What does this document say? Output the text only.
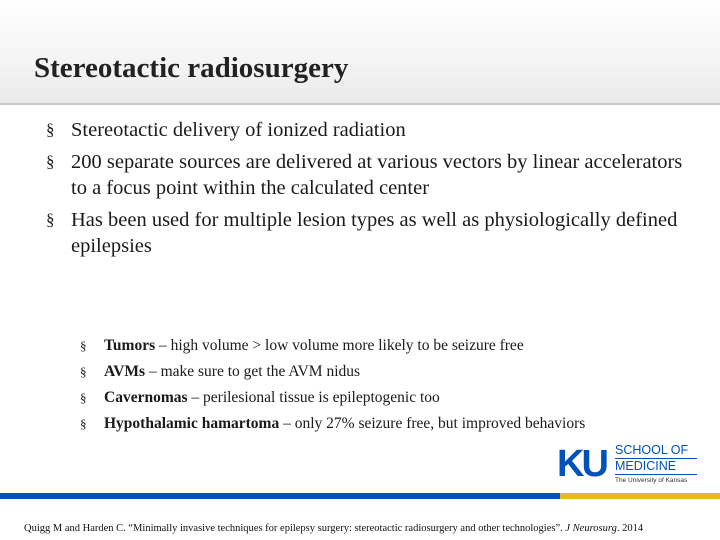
Stereotactic radiosurgery
§ Stereotactic delivery of ionized radiation
§ 200 separate sources are delivered at various vectors by linear accelerators to a focus point within the calculated center
§ Has been used for multiple lesion types as well as physiologically defined epilepsies
§ Tumors – high volume > low volume more likely to be seizure free
§ AVMs – make sure to get the AVM nidus
§ Cavernomas – perilesional tissue is epileptogenic too
§ Hypothalamic hamartoma – only 27% seizure free, but improved behaviors
KU SCHOOL OF
MEDICINE
The University of Kansas
Quigg M and Harden C. “Minimally invasive techniques for epilepsy surgery: stereotactic radiosurgery and other technologies”. J Neurosurg. 2014
